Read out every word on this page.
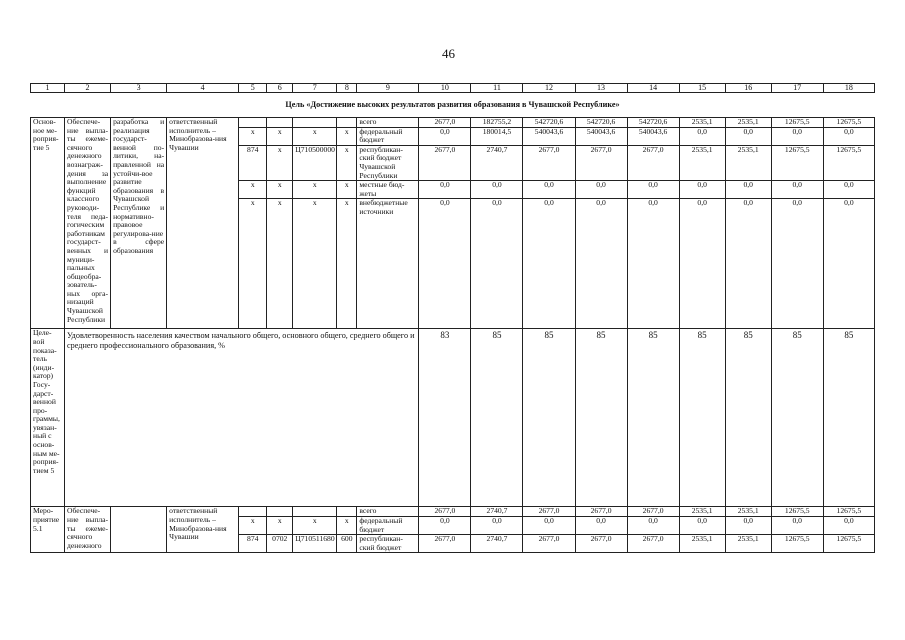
46
1	2	3	4	5	6	7	8	9	10	11	12	13	14	15	16	17	18
Цель «Достижение высоких результатов развития образования в Чувашской Республике»																	
Основ-ное ме-роприя-тие 5	Обеспече-ние выпла-ты ежеме-сячного денежного вознаграж-дения за выполнение функций классного руководи-теля педа-гогическим работникам государст-венных и муници-пальных общеобра-зователь-ных орга-низаций Чувашской Республики	разработка и реализация государст-венной по-литики, на-правленной на устойчи-вое развитие образования в Чувашской Республике и нормативно-правовое регулирова-ние в сфере образования	ответственный исполнитель – Минобразова-ния Чувашии					всего	2677,0	182755,2	542720,6	542720,6	542720,6	2535,1	2535,1	12675,5	12675,5
				x	x	x	x	федеральный бюджет	0,0	180014,5	540043,6	540043,6	540043,6	0,0	0,0	0,0	0,0
				874	x	Ц710500000	x	республикан-ский бюджет Чувашской Республики	2677,0	2740,7	2677,0	2677,0	2677,0	2535,1	2535,1	12675,5	12675,5
				x	x	x	x	местные бюд-жеты	0,0	0,0	0,0	0,0	0,0	0,0	0,0	0,0	0,0
				x	x	x	x	внебюджетные источники	0,0	0,0	0,0	0,0	0,0	0,0	0,0	0,0	0,0
Целе-вой показа-тель (инди-катор) Госу-дарст-венной про-граммы, увязан-ный с основ-ным ме-роприя-тием 5	Удовлетворенность населения качеством начального общего, основного общего, среднего общего и среднего профессионального образования, %								83	85	85	85	85	85	85	85	85
Меро-приятие 5.1	Обеспече-ние выпла-ты ежеме-сячного денежного		ответственный исполнитель – Минобразова-ния Чувашии					всего	2677,0	2740,7	2677,0	2677,0	2677,0	2535,1	2535,1	12675,5	12675,5
				x	x	x	x	федеральный бюджет	0,0	0,0	0,0	0,0	0,0	0,0	0,0	0,0	0,0
				874	0702	Ц710511680	600	республикан-ский бюджет	2677,0	2740,7	2677,0	2677,0	2677,0	2535,1	2535,1	12675,5	12675,5
